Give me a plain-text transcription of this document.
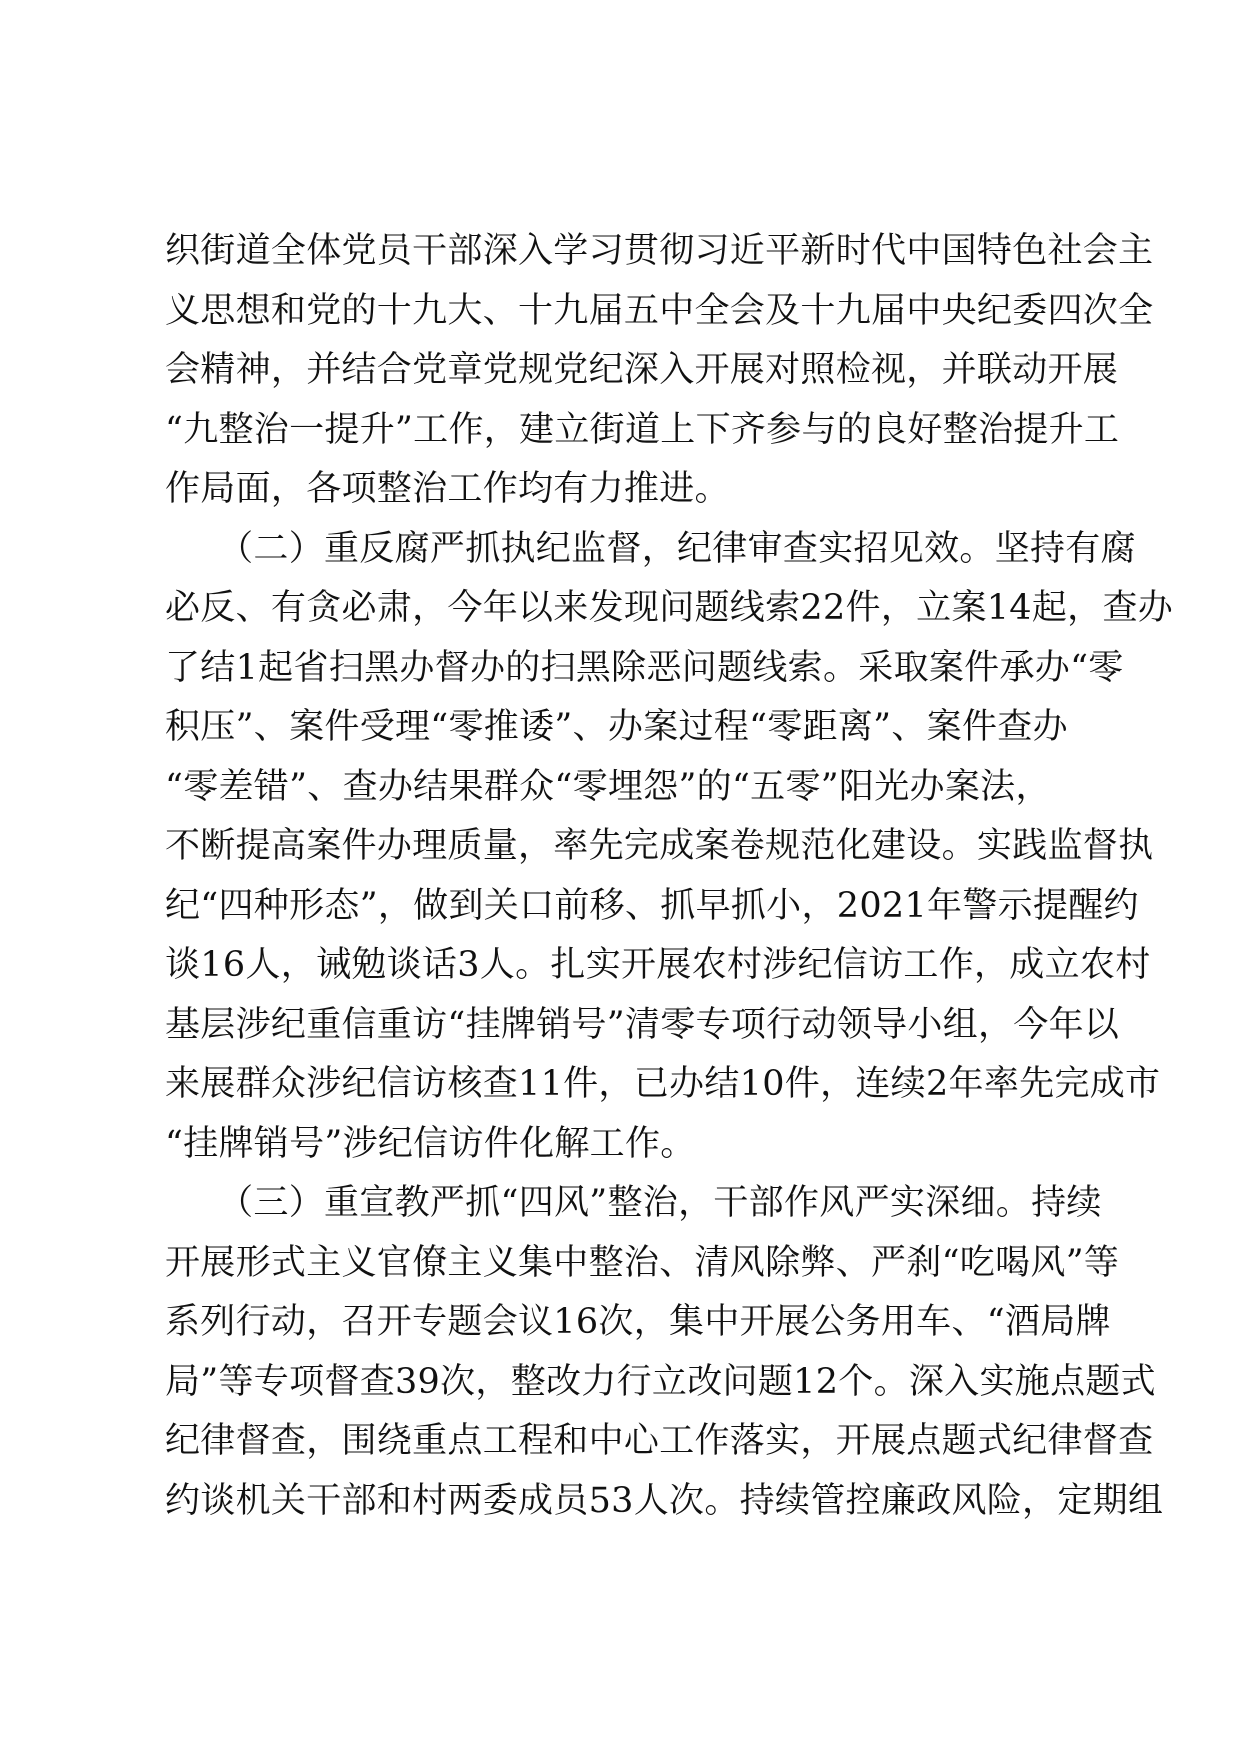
织街道全体党员干部深入学习贯彻习近平新时代中国特色社会主
义思想和党的十九大、十九届五中全会及十九届中央纪委四次全
会精神，并结合党章党规党纪深入开展对照检视，并联动开展
“九整治一提升”工作，建立街道上下齐参与的良好整治提升工
作局面，各项整治工作均有力推进。
　　（二）重反腐严抓执纪监督，纪律审查实招见效。坚持有腐
必反、有贪必肃，今年以来发现问题线索22件，立案14起，查办
了结1起省扫黑办督办的扫黑除恶问题线索。采取案件承办“零
积压”、案件受理“零推诿”、办案过程“零距离”、案件查办
“零差错”、查办结果群众“零埋怨”的“五零”阳光办案法，
不断提高案件办理质量，率先完成案卷规范化建设。实践监督执
纪“四种形态”，做到关口前移、抓早抓小，2021年警示提醒约
谈16人，诫勉谈话3人。扎实开展农村涉纪信访工作，成立农村
基层涉纪重信重访“挂牌销号”清零专项行动领导小组，今年以
来展群众涉纪信访核查11件，已办结10件，连续2年率先完成市
“挂牌销号”涉纪信访件化解工作。
　　（三）重宣教严抓“四风”整治，干部作风严实深细。持续
开展形式主义官僚主义集中整治、清风除弊、严刹“吃喝风”等
系列行动，召开专题会议16次，集中开展公务用车、“酒局牌
局”等专项督查39次，整改力行立改问题12个。深入实施点题式
纪律督查，围绕重点工程和中心工作落实，开展点题式纪律督查
约谈机关干部和村两委成员53人次。持续管控廉政风险，定期组
